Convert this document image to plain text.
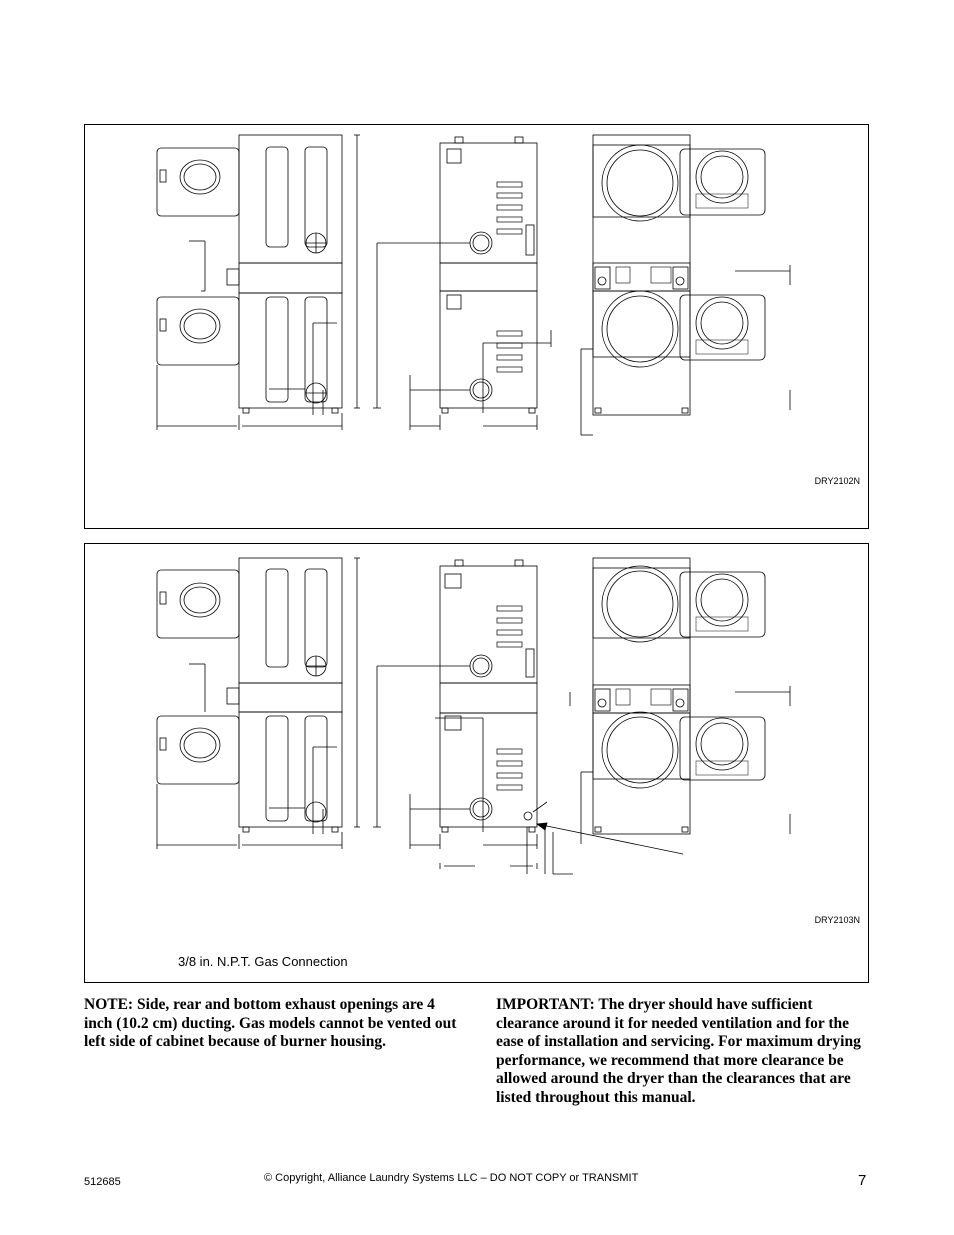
DRY2102N
DRY2103N
3/8 in. N.P.T. Gas Connection
NOTE: Side, rear and bottom exhaust openings are 4 inch (10.2 cm) ducting. Gas models cannot be vented out left side of cabinet because of burner housing.
IMPORTANT: The dryer should have sufficient clearance around it for needed ventilation and for the ease of installation and servicing. For maximum drying performance, we recommend that more clearance be allowed around the dryer than the clearances that are listed throughout this manual.
512685	© Copyright, Alliance Laundry Systems LLC – DO NOT COPY or TRANSMIT	7
